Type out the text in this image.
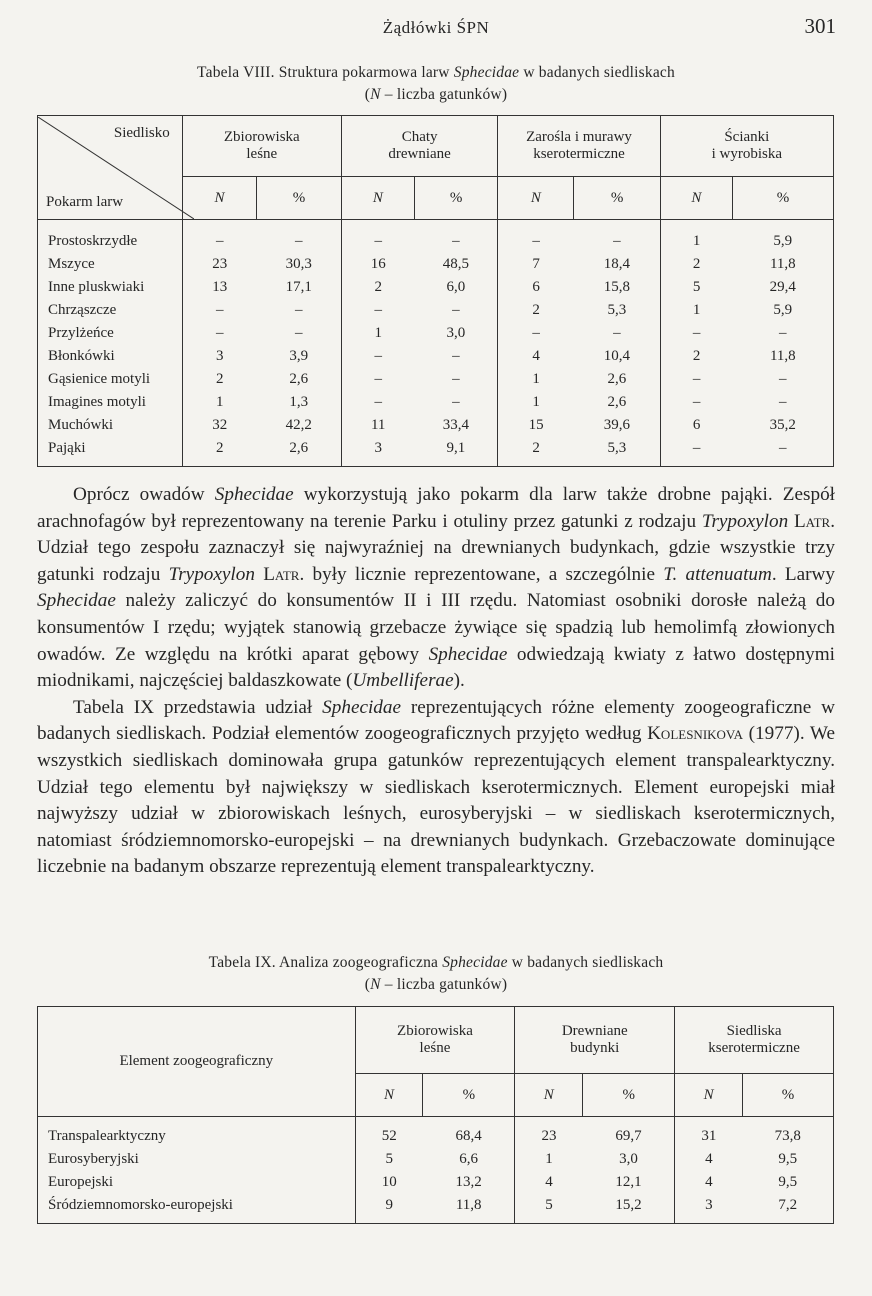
Żądłówki ŚPN	301
Tabela VIII. Struktura pokarmowa larw Sphecidae w badanych siedliskach
(N – liczba gatunków)
Siedlisko
Pokarm larw	Zbiorowiska
leśne		Chaty
drewniane		Zarośla i murawy
kserotermiczne		Ścianki
i wyrobiska	

	N	%	N	%	N	%	N	%
Prostoskrzydłe	–	–	–	–	–	–	1	5,9
Mszyce	23	30,3	16	48,5	7	18,4	2	11,8
Inne pluskwiaki	13	17,1	2	6,0	6	15,8	5	29,4
Chrząszcze	–	–	–	–	2	5,3	1	5,9
Przylżeńce	–	–	1	3,0	–	–	–	–
Błonkówki	3	3,9	–	–	4	10,4	2	11,8
Gąsienice motyli	2	2,6	–	–	1	2,6	–	–
Imagines motyli	1	1,3	–	–	1	2,6	–	–
Muchówki	32	42,2	11	33,4	15	39,6	6	35,2
Pająki	2	2,6	3	9,1	2	5,3	–	–

Oprócz owadów Sphecidae wykorzystują jako pokarm dla larw także drobne pająki. Zespół arachnofagów był reprezentowany na terenie Parku i otuliny przez gatunki z rodzaju Trypoxylon Latr. Udział tego zespołu zaznaczył się najwyraźniej na drewnianych budynkach, gdzie wszystkie trzy gatunki rodzaju Trypoxylon Latr. były licznie reprezentowane, a szczególnie T. attenuatum. Larwy Sphecidae należy zaliczyć do konsumentów II i III rzędu. Natomiast osobniki dorosłe należą do konsumentów I rzędu; wyjątek stanowią grzebacze żywiące się spadzią lub hemolimfą złowionych owadów. Ze względu na krótki aparat gębowy Sphecidae odwiedzają kwiaty z łatwo dostępnymi miodnikami, najczęściej baldaszkowate (Umbelliferae).

Tabela IX przedstawia udział Sphecidae reprezentujących różne elementy zoogeograficzne w badanych siedliskach. Podział elementów zoogeograficznych przyjęto według Kolesnikova (1977). We wszystkich siedliskach dominowała grupa gatunków reprezentujących element transpalearktyczny. Udział tego elementu był największy w siedliskach kserotermicznych. Element europejski miał najwyższy udział w zbiorowiskach leśnych, eurosyberyjski – w siedliskach kserotermicznych, natomiast śródziemnomorsko-europejski – na drewnianych budynkach. Grzebaczowate dominujące liczebnie na badanym obszarze reprezentują element transpalearktyczny.

Tabela IX. Analiza zoogeograficzna Sphecidae w badanych siedliskach
(N – liczba gatunków)
Element zoogeograficzny	Zbiorowiska
leśne		Drewniane
budynki		Siedliska
kserotermiczne	

	N	%	N	%	N	%
Transpalearktyczny	52	68,4	23	69,7	31	73,8
Eurosyberyjski	5	6,6	1	3,0	4	9,5
Europejski	10	13,2	4	12,1	4	9,5
Śródziemnomorsko-europejski	9	11,8	5	15,2	3	7,2
